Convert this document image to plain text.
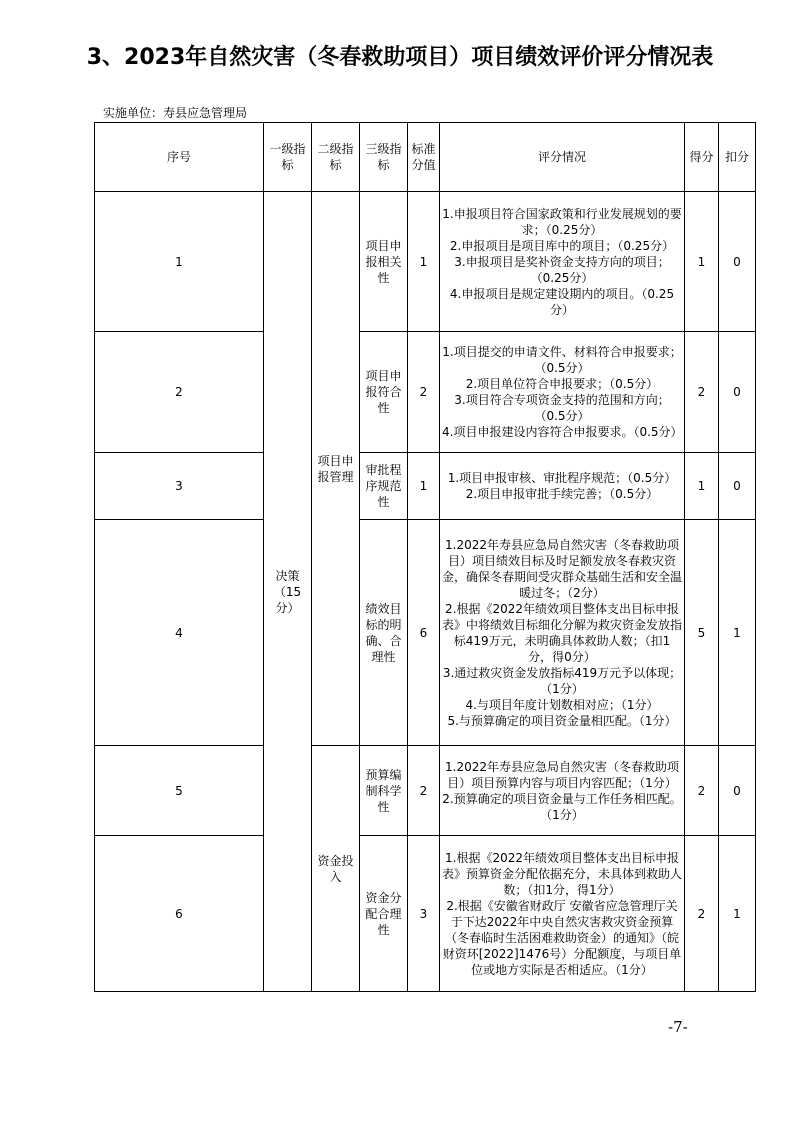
3、2023年自然灾害（冬春救助项目）项目绩效评价评分情况表
实施单位：寿县应急管理局
序号	一级指标	二级指标	三级指标	标准分值	评分情况	得分	扣分
1	决策（15分）	项目申报管理	项目申报相关性	1	1.申报项目符合国家政策和行业发展规划的要求；（0.25分）
2.申报项目是项目库中的项目；（0.25分）
3.申报项目是奖补资金支持方向的项目；（0.25分）
4.申报项目是规定建设期内的项目。（0.25分）	1	0
2			项目申报符合性	2	1.项目提交的申请文件、材料符合申报要求；（0.5分）
2.项目单位符合申报要求；（0.5分）
3.项目符合专项资金支持的范围和方向；（0.5分）
4.项目申报建设内容符合申报要求。（0.5分）	2	0
3			审批程序规范性	1	1.项目申报审核、审批程序规范；（0.5分）
2.项目申报审批手续完善；（0.5分）	1	0
4			绩效目标的明确、合理性	6	1.2022年寿县应急局自然灾害（冬春救助项目）项目绩效目标及时足额发放冬春救灾资金，确保冬春期间受灾群众基础生活和安全温暖过冬；（2分）
2.根据《2022年绩效项目整体支出目标申报表》中将绩效目标细化分解为救灾资金发放指标419万元，未明确具体救助人数；（扣1分，得0分）
3.通过救灾资金发放指标419万元予以体现；（1分）
4.与项目年度计划数相对应；（1分）
5.与预算确定的项目资金量相匹配。（1分）	5	1
5		资金投入	预算编制科学性	2	1.2022年寿县应急局自然灾害（冬春救助项目）项目预算内容与项目内容匹配；（1分）
2.预算确定的项目资金量与工作任务相匹配。（1分）	2	0
6			资金分配合理性	3	1.根据《2022年绩效项目整体支出目标申报表》预算资金分配依据充分，未具体到救助人数；（扣1分，得1分）
2.根据《安徽省财政厅 安徽省应急管理厅关于下达2022年中央自然灾害救灾资金预算（冬春临时生活困难救助资金）的通知》（皖财资环[2022]1476号）分配额度，与项目单位或地方实际是否相适应。（1分）	2	1
-7-
